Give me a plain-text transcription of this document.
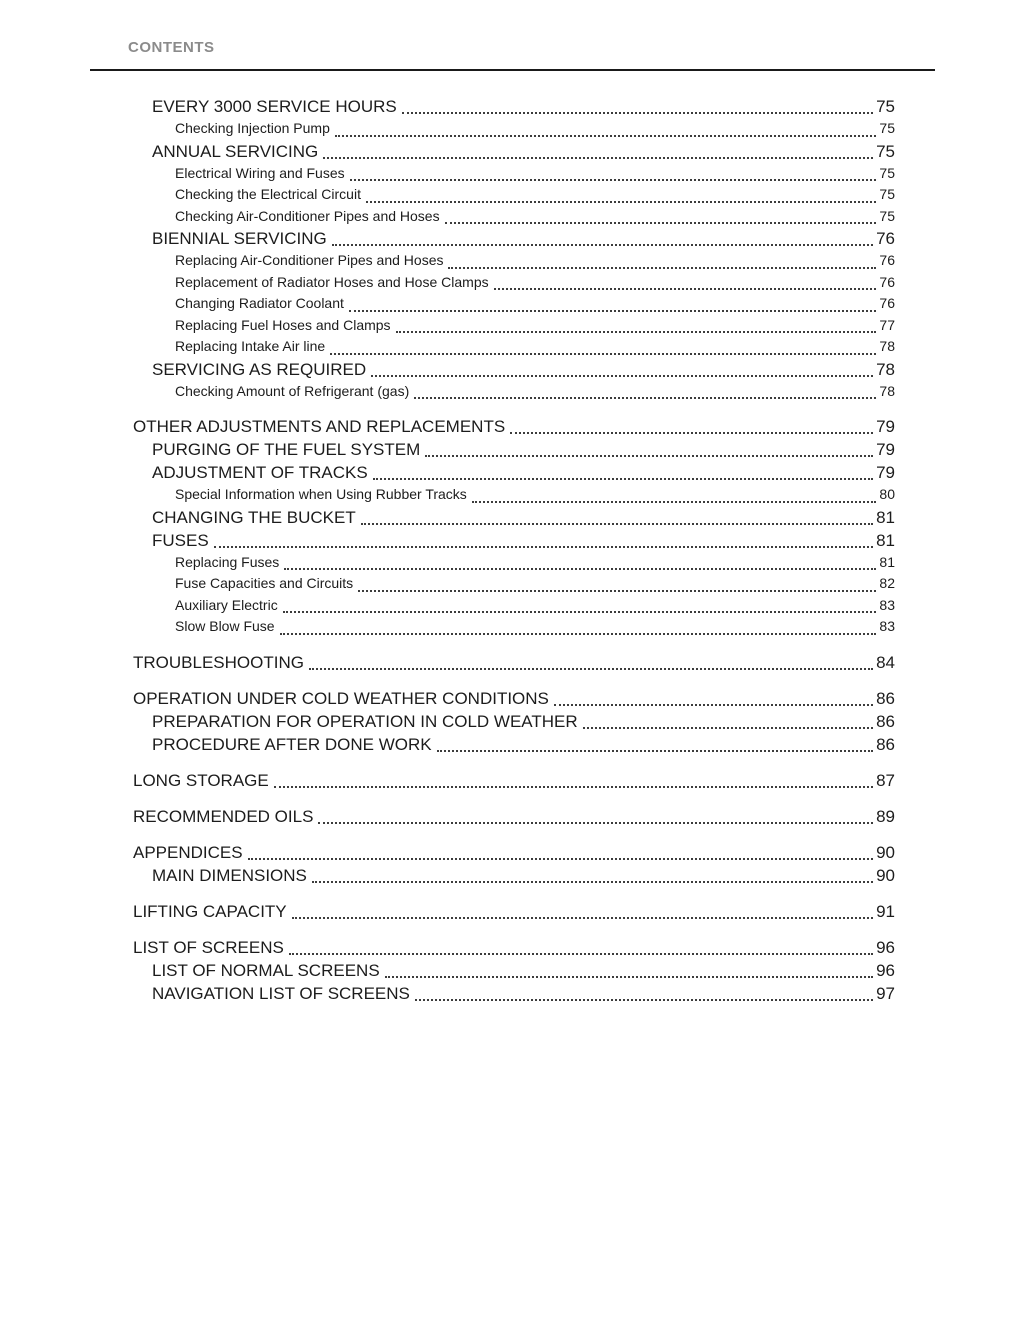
CONTENTS
EVERY 3000 SERVICE HOURS	75
Checking Injection Pump	75
ANNUAL SERVICING	75
Electrical Wiring and Fuses	75
Checking the Electrical Circuit	75
Checking Air-Conditioner Pipes and Hoses	75
BIENNIAL SERVICING	76
Replacing Air-Conditioner Pipes and Hoses	76
Replacement of Radiator Hoses and Hose Clamps	76
Changing Radiator Coolant	76
Replacing Fuel Hoses and Clamps	77
Replacing Intake Air line	78
SERVICING AS REQUIRED	78
Checking Amount of Refrigerant (gas)	78
OTHER ADJUSTMENTS AND REPLACEMENTS	79
PURGING OF THE FUEL SYSTEM	79
ADJUSTMENT OF TRACKS	79
Special Information when Using Rubber Tracks	80
CHANGING THE BUCKET	81
FUSES	81
Replacing Fuses	81
Fuse Capacities and Circuits	82
Auxiliary Electric	83
Slow Blow Fuse	83
TROUBLESHOOTING	84
OPERATION UNDER COLD WEATHER CONDITIONS	86
PREPARATION FOR OPERATION IN COLD WEATHER	86
PROCEDURE AFTER DONE WORK	86
LONG STORAGE	87
RECOMMENDED OILS	89
APPENDICES	90
MAIN DIMENSIONS	90
LIFTING CAPACITY	91
LIST OF SCREENS	96
LIST OF NORMAL SCREENS	96
NAVIGATION LIST OF SCREENS	97
